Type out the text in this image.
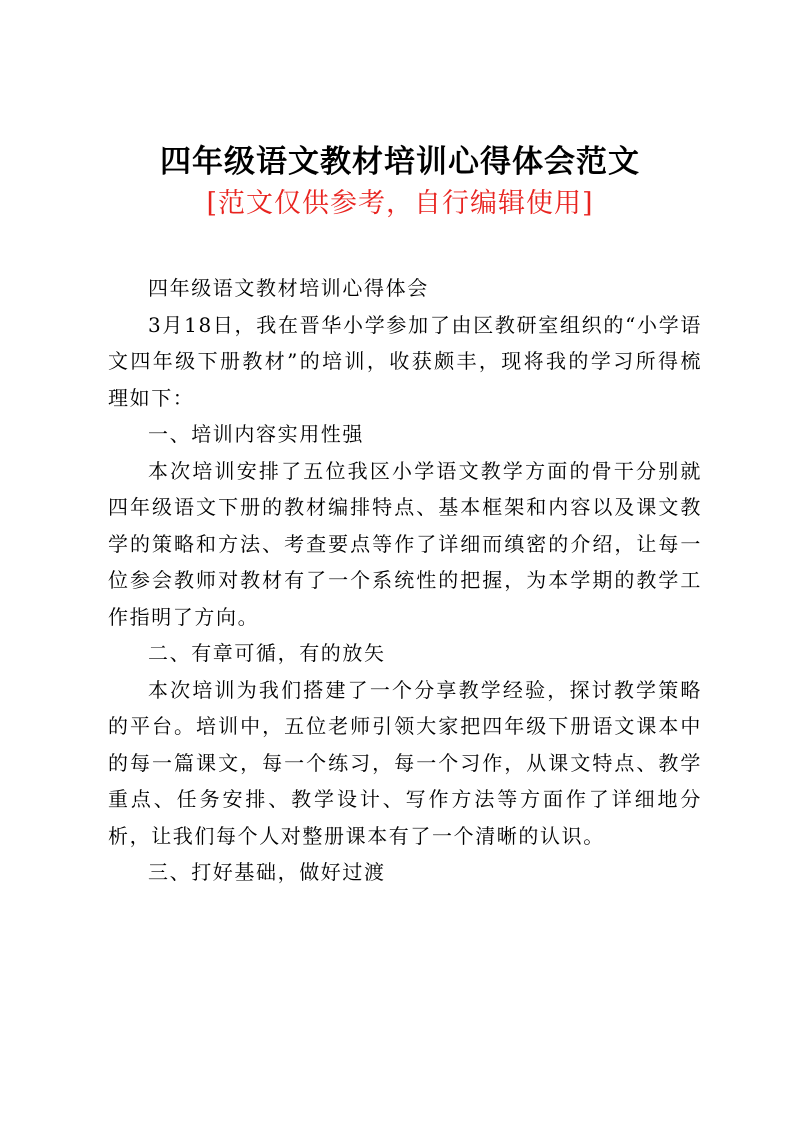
四年级语文教材培训心得体会范文
[范文仅供参考，自行编辑使用]

四年级语文教材培训心得体会

3月18日，我在晋华小学参加了由区教研室组织的“小学语文四年级下册教材”的培训，收获颇丰，现将我的学习所得梳理如下：

一、培训内容实用性强

本次培训安排了五位我区小学语文教学方面的骨干分别就四年级语文下册的教材编排特点、基本框架和内容以及课文教学的策略和方法、考查要点等作了详细而缜密的介绍，让每一位参会教师对教材有了一个系统性的把握，为本学期的教学工作指明了方向。

二、有章可循，有的放矢

本次培训为我们搭建了一个分享教学经验，探讨教学策略的平台。培训中，五位老师引领大家把四年级下册语文课本中的每一篇课文，每一个练习，每一个习作，从课文特点、教学重点、任务安排、教学设计、写作方法等方面作了详细地分析，让我们每个人对整册课本有了一个清晰的认识。

三、打好基础，做好过渡
